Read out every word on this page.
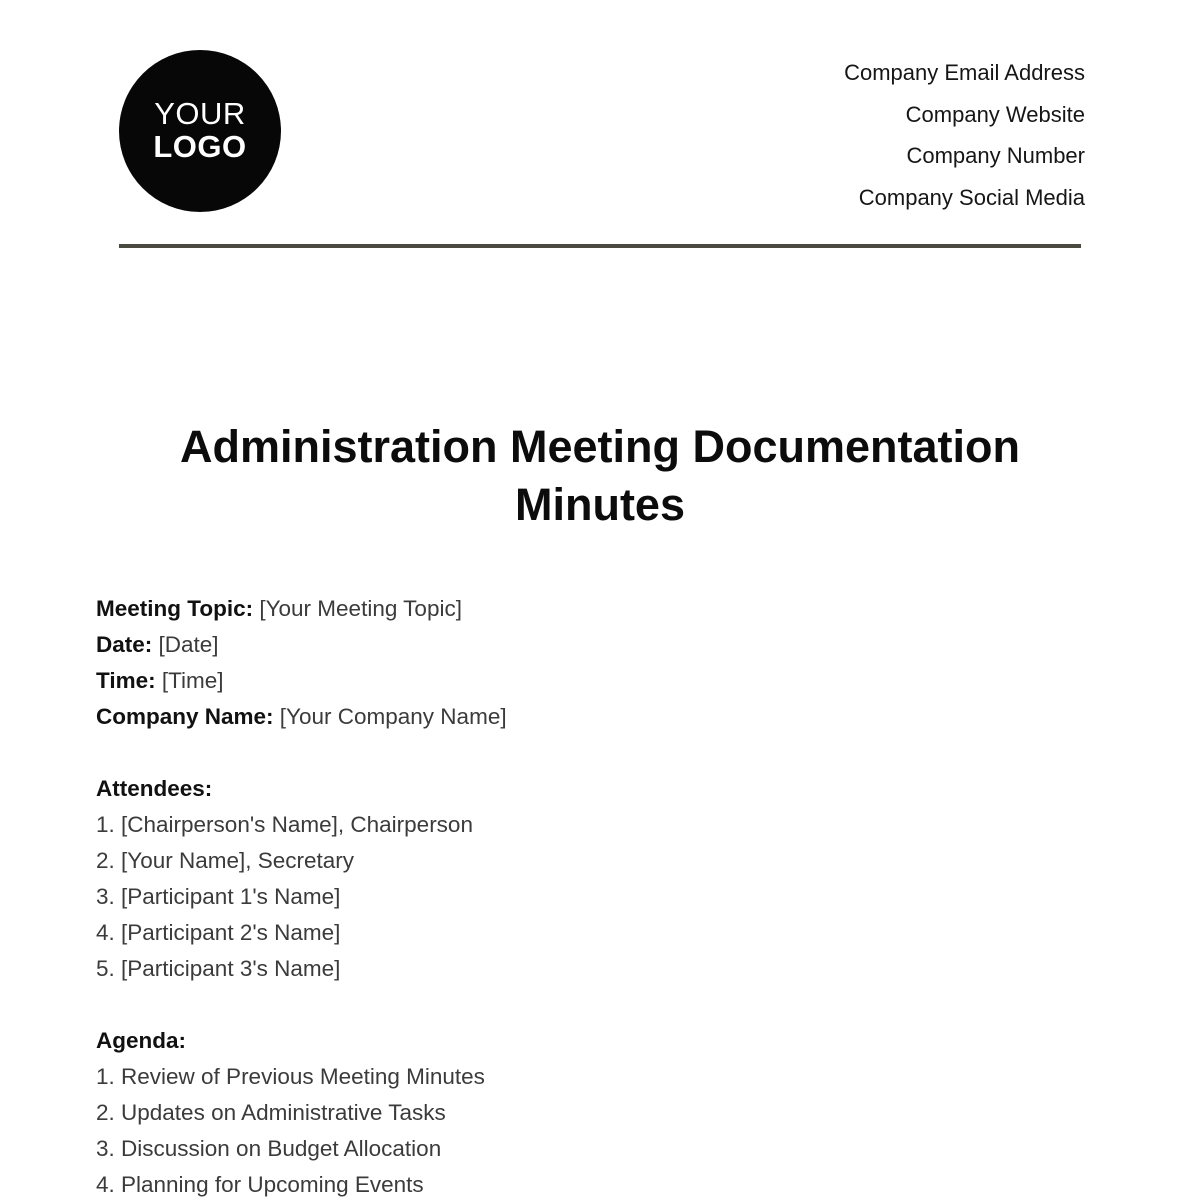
YOUR
LOGO
Company Email Address
Company Website
Company Number
Company Social Media
Administration Meeting Documentation
Minutes
Meeting Topic: [Your Meeting Topic]
Date: [Date]
Time: [Time]
Company Name: [Your Company Name]
Attendees:
1. [Chairperson's Name], Chairperson
2. [Your Name], Secretary
3. [Participant 1's Name]
4. [Participant 2's Name]
5. [Participant 3's Name]
Agenda:
1. Review of Previous Meeting Minutes
2. Updates on Administrative Tasks
3. Discussion on Budget Allocation
4. Planning for Upcoming Events
